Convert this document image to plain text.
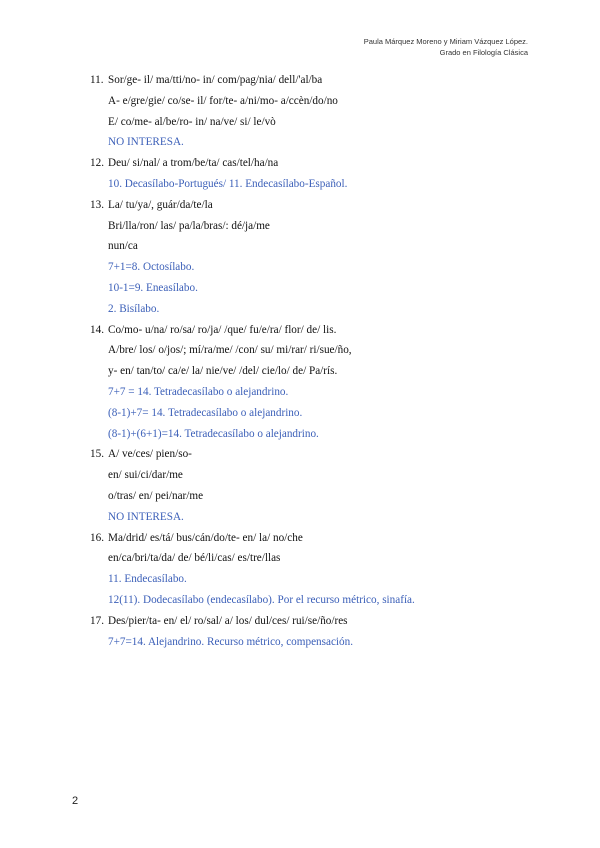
Paula Márquez Moreno y Miriam Vázquez López.
Grado en Filología Clásica
11. Sor/ge- il/ ma/tti/no- in/ com/pag/nia/ dell/'al/ba
A- e/gre/gie/ co/se- il/ for/te- a/ni/mo- a/ccèn/do/no
E/ co/me- al/be/ro- in/ na/ve/ si/ le/vò
NO INTERESA.
12. Deu/ si/nal/ a trom/be/ta/ cas/tel/ha/na
10. Decasílabo-Portugués/ 11. Endecasílabo-Español.
13. La/ tu/ya/, guár/da/te/la
Bri/lla/ron/ las/ pa/la/bras/: dé/ja/me
nun/ca
7+1=8. Octosílabo.
10-1=9. Eneasílabo.
2. Bisílabo.
14. Co/mo- u/na/ ro/sa/ ro/ja/ /que/ fu/e/ra/ flor/ de/ lis.
A/bre/ los/ o/jos/; mí/ra/me/ /con/ su/ mi/rar/ ri/sue/ño,
y- en/ tan/to/ ca/e/ la/ nie/ve/ /del/ cie/lo/ de/ Pa/rís.
7+7 = 14. Tetradecasílabo o alejandrino.
(8-1)+7= 14. Tetradecasílabo o alejandrino.
(8-1)+(6+1)=14. Tetradecasílabo o alejandrino.
15. A/ ve/ces/ pien/so-
en/ sui/ci/dar/me
o/tras/ en/ pei/nar/me
NO INTERESA.
16. Ma/drid/ es/tá/ bus/cán/do/te- en/ la/ no/che
en/ca/bri/ta/da/ de/ bé/li/cas/ es/tre/llas
11. Endecasílabo.
12(11). Dodecasílabo (endecasílabo). Por el recurso métrico, sinafía.
17. Des/pier/ta- en/ el/ ro/sal/ a/ los/ dul/ces/ rui/se/ño/res
7+7=14. Alejandrino. Recurso métrico, compensación.
2
